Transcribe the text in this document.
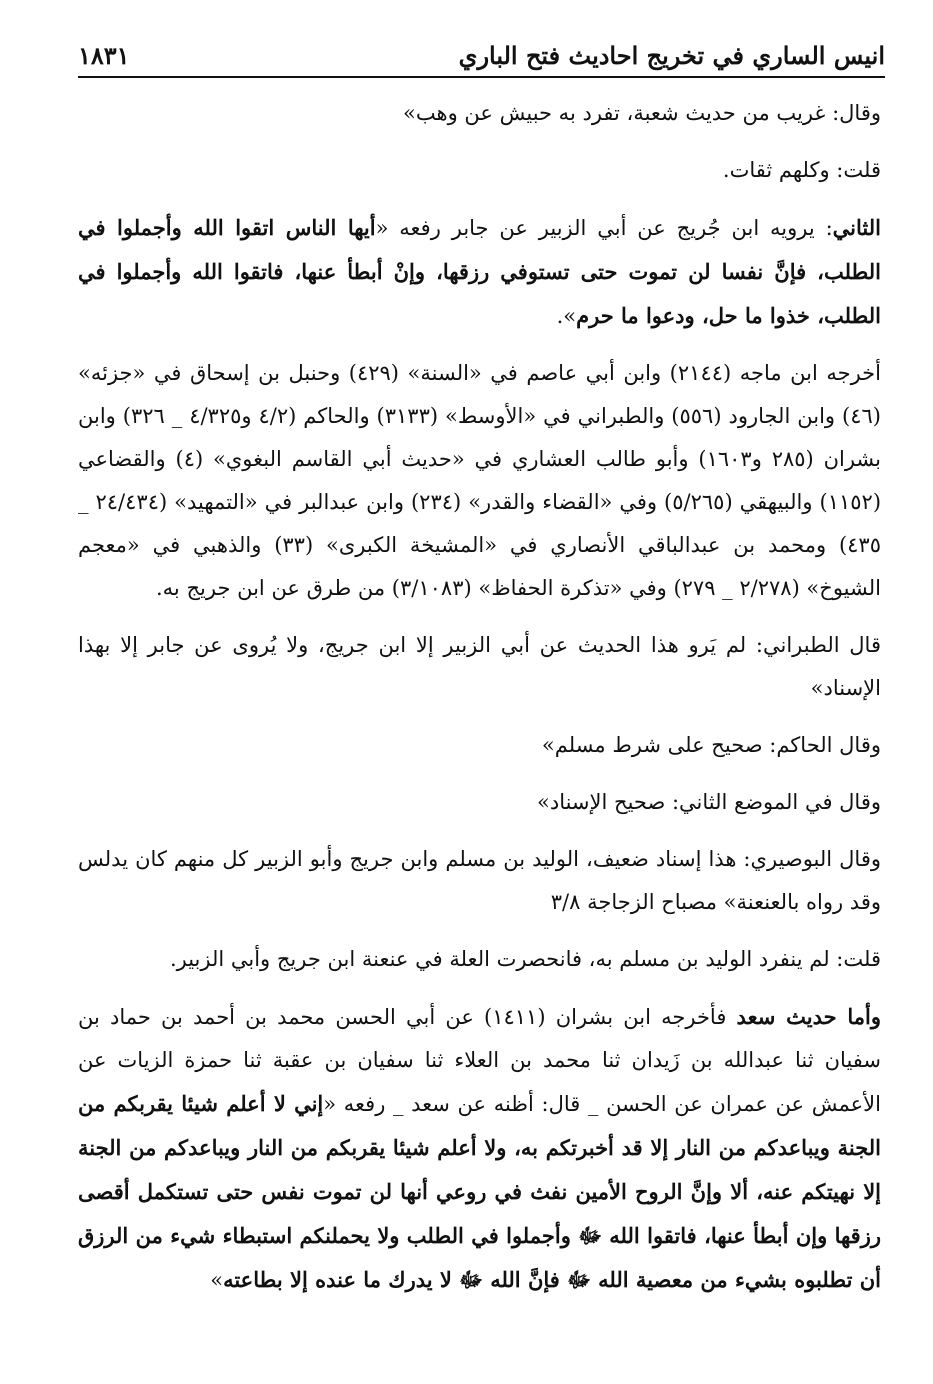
انيس الساري في تخريج احاديث فتح الباري
١٨٣١

وقال: غريب من حديث شعبة، تفرد به حبيش عن وهب»

قلت: وكلهم ثقات.

الثاني: يرويه ابن جُريج عن أبي الزبير عن جابر رفعه «أيها الناس اتقوا الله وأجملوا في الطلب، فإنَّ نفسا لن تموت حتى تستوفي رزقها، وإنْ أبطأ عنها، فاتقوا الله وأجملوا في الطلب، خذوا ما حل، ودعوا ما حرم».

أخرجه ابن ماجه (٢١٤٤) وابن أبي عاصم في «السنة» (٤٢٩) وحنبل بن إسحاق في «جزئه» (٤٦) وابن الجارود (٥٥٦) والطبراني في «الأوسط» (٣١٣٣) والحاكم (٤/٢ و٤/٣٢٥ _ ٣٢٦) وابن بشران (٢٨٥ و١٦٠٣) وأبو طالب العشاري في «حديث أبي القاسم البغوي» (٤) والقضاعي (١١٥٢) والبيهقي (٥/٢٦٥) وفي «القضاء والقدر» (٢٣٤) وابن عبدالبر في «التمهيد» (٢٤/٤٣٤ _ ٤٣٥) ومحمد بن عبدالباقي الأنصاري في «المشيخة الكبرى» (٣٣) والذهبي في «معجم الشيوخ» (٢/٢٧٨ _ ٢٧٩) وفي «تذكرة الحفاظ» (٣/١٠٨٣) من طرق عن ابن جريج به.

قال الطبراني: لم يَرو هذا الحديث عن أبي الزبير إلا ابن جريج، ولا يُروى عن جابر إلا بهذا الإسناد»

وقال الحاكم: صحيح على شرط مسلم»

وقال في الموضع الثاني: صحيح الإسناد»

وقال البوصيري: هذا إسناد ضعيف، الوليد بن مسلم وابن جريج وأبو الزبير كل منهم كان يدلس وقد رواه بالعنعنة» مصباح الزجاجة ٣/٨

قلت: لم ينفرد الوليد بن مسلم به، فانحصرت العلة في عنعنة ابن جريج وأبي الزبير.

وأما حديث سعد فأخرجه ابن بشران (١٤١١) عن أبي الحسن محمد بن أحمد بن حماد بن سفيان ثنا عبدالله بن زَيدان ثنا محمد بن العلاء ثنا سفيان بن عقبة ثنا حمزة الزيات عن الأعمش عن عمران عن الحسن _ قال: أظنه عن سعد _ رفعه «إني لا أعلم شيئا يقربكم من الجنة ويباعدكم من النار إلا قد أخبرتكم به، ولا أعلم شيئا يقربكم من النار ويباعدكم من الجنة إلا نهيتكم عنه، ألا وإنَّ الروح الأمين نفث في روعي أنها لن تموت نفس حتى تستكمل أقصى رزقها وإن أبطأ عنها، فاتقوا الله ﷻ وأجملوا في الطلب ولا يحملنكم استبطاء شيء من الرزق أن تطلبوه بشيء من معصية الله ﷻ فإنَّ الله ﷻ لا يدرك ما عنده إلا بطاعته»
